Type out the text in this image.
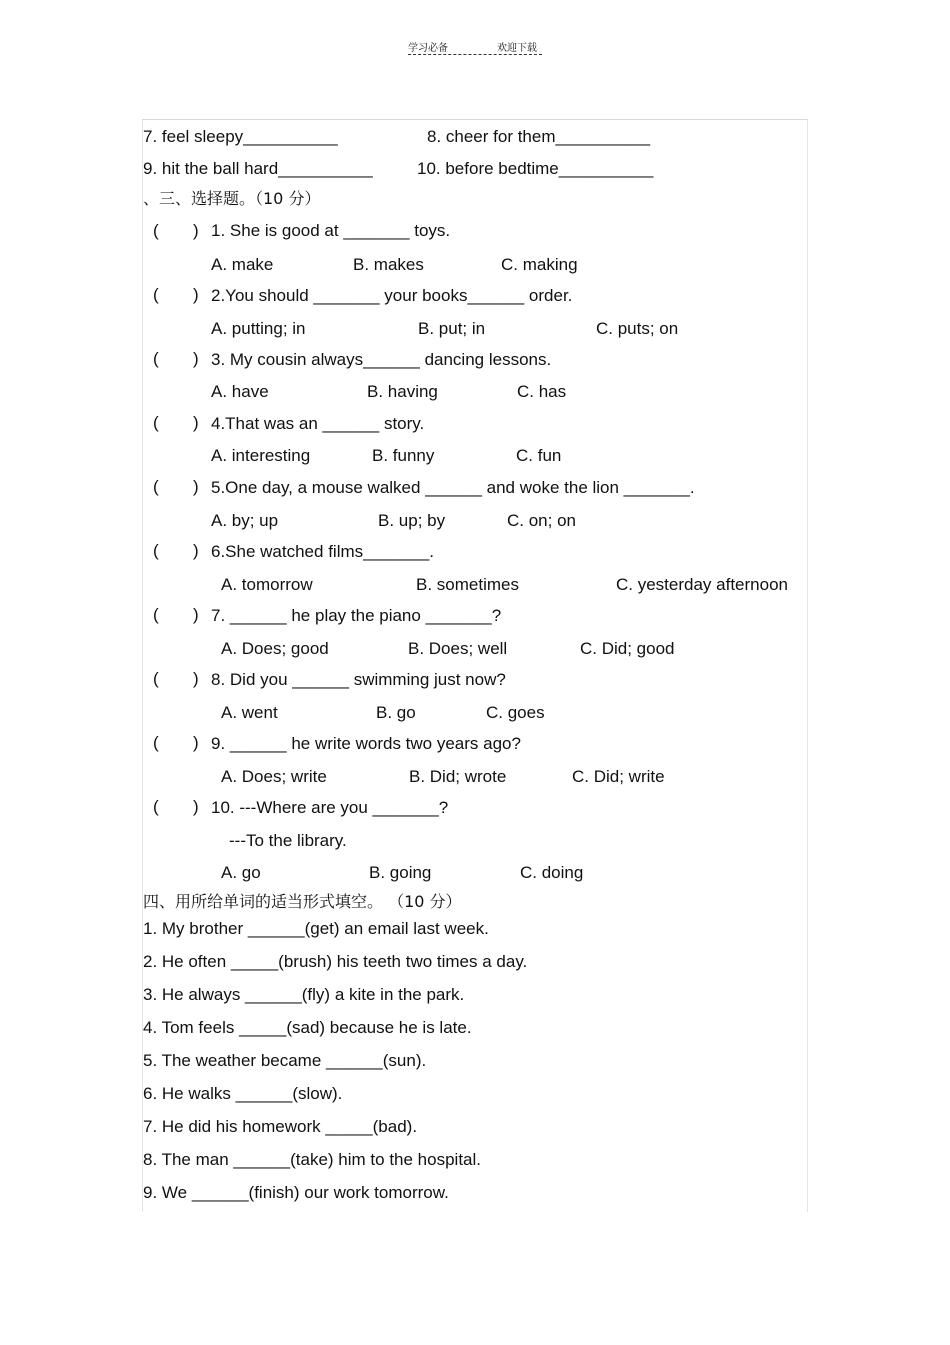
学习必备	欢迎下载
7. feel sleepy__________	8. cheer for them__________
9. hit the ball hard__________	10. before bedtime__________
、三、选择题。（10 分）
( ) 1. She is good at _______ toys.
A. make	B. makes	C. making
( ) 2.You should _______ your books______ order.
A. putting; in	B. put; in	C. puts; on
( ) 3. My cousin always______ dancing lessons.
A. have	B. having	C. has
( ) 4.That was an ______ story.
A. interesting	B. funny	C. fun
( ) 5.One day, a mouse walked ______ and woke the lion _______.
A. by; up	B. up; by	C. on; on
( ) 6.She watched films_______.
A. tomorrow	B. sometimes	C. yesterday afternoon
( ) 7. ______ he play the piano _______?
A. Does; good	B. Does; well	C. Did; good
( ) 8. Did you ______ swimming just now?
A. went	B. go	C. goes
( ) 9. ______ he write words two years ago?
A. Does; write	B. Did; wrote	C. Did; write
( ) 10. ---Where are you _______?
---To the library.
A. go	B. going	C. doing
四、用所给单词的适当形式填空。 （10 分）
1. My brother ______(get) an email last week.
2. He often _____(brush) his teeth two times a day.
3. He always ______(fly) a kite in the park.
4. Tom feels _____(sad) because he is late.
5. The weather became ______(sun).
6. He walks ______(slow).
7. He did his homework _____(bad).
8. The man ______(take) him to the hospital.
9. We ______(finish) our work tomorrow.
